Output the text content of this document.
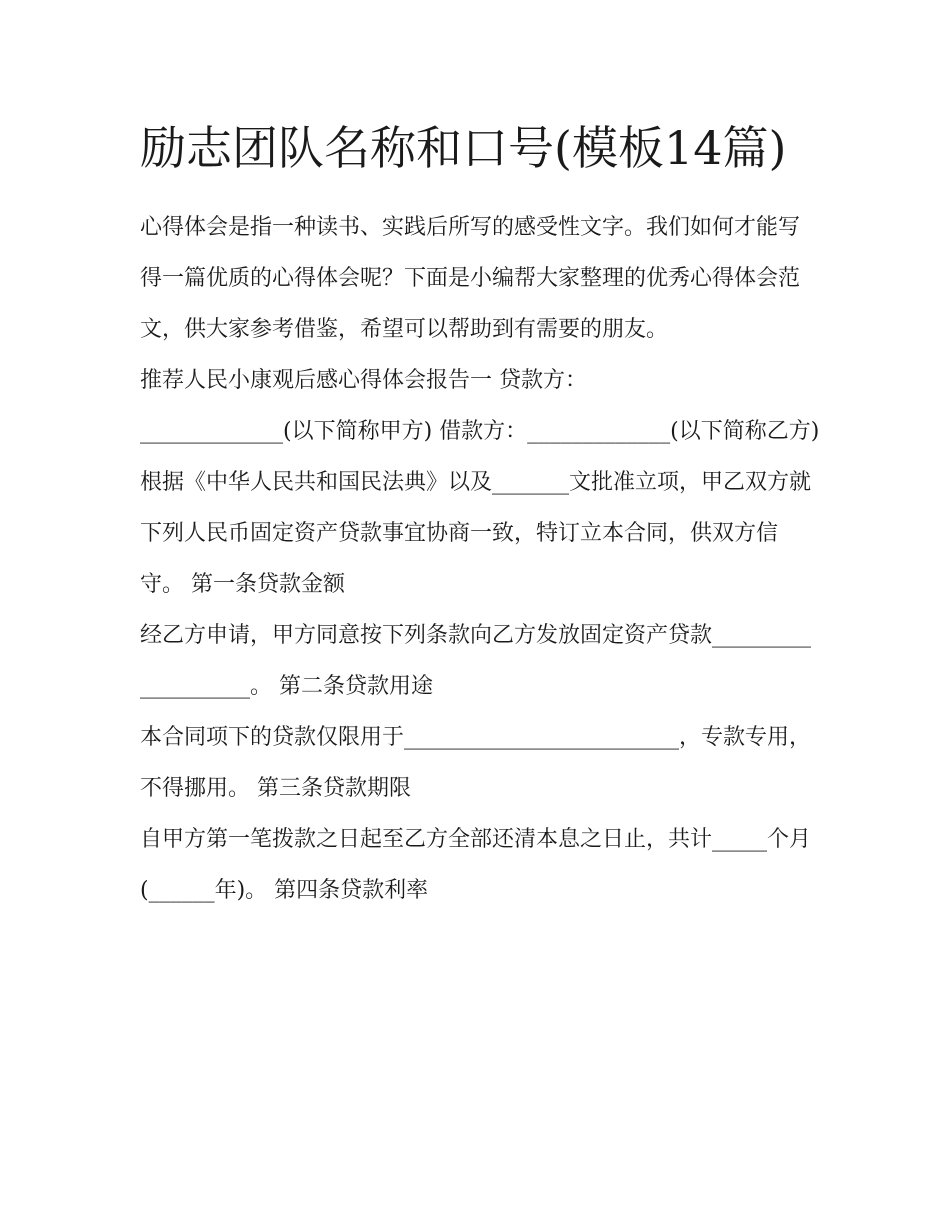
励志团队名称和口号(模板14篇)

心得体会是指一种读书、实践后所写的感受性文字。我们如何才能写得一篇优质的心得体会呢？下面是小编帮大家整理的优秀心得体会范文，供大家参考借鉴，希望可以帮助到有需要的朋友。

推荐人民小康观后感心得体会报告一 贷款方：

_____________(以下简称甲方) 借款方：_____________(以下简称乙方)

根据《中华人民共和国民法典》以及_______文批准立项，甲乙双方就下列人民币固定资产贷款事宜协商一致，特订立本合同，供双方信守。 第一条贷款金额

经乙方申请，甲方同意按下列条款向乙方发放固定资产贷款___________________。 第二条贷款用途

本合同项下的贷款仅限用于_________________________，专款专用，不得挪用。 第三条贷款期限

自甲方第一笔拨款之日起至乙方全部还清本息之日止，共计_____个月(______年)。 第四条贷款利率
